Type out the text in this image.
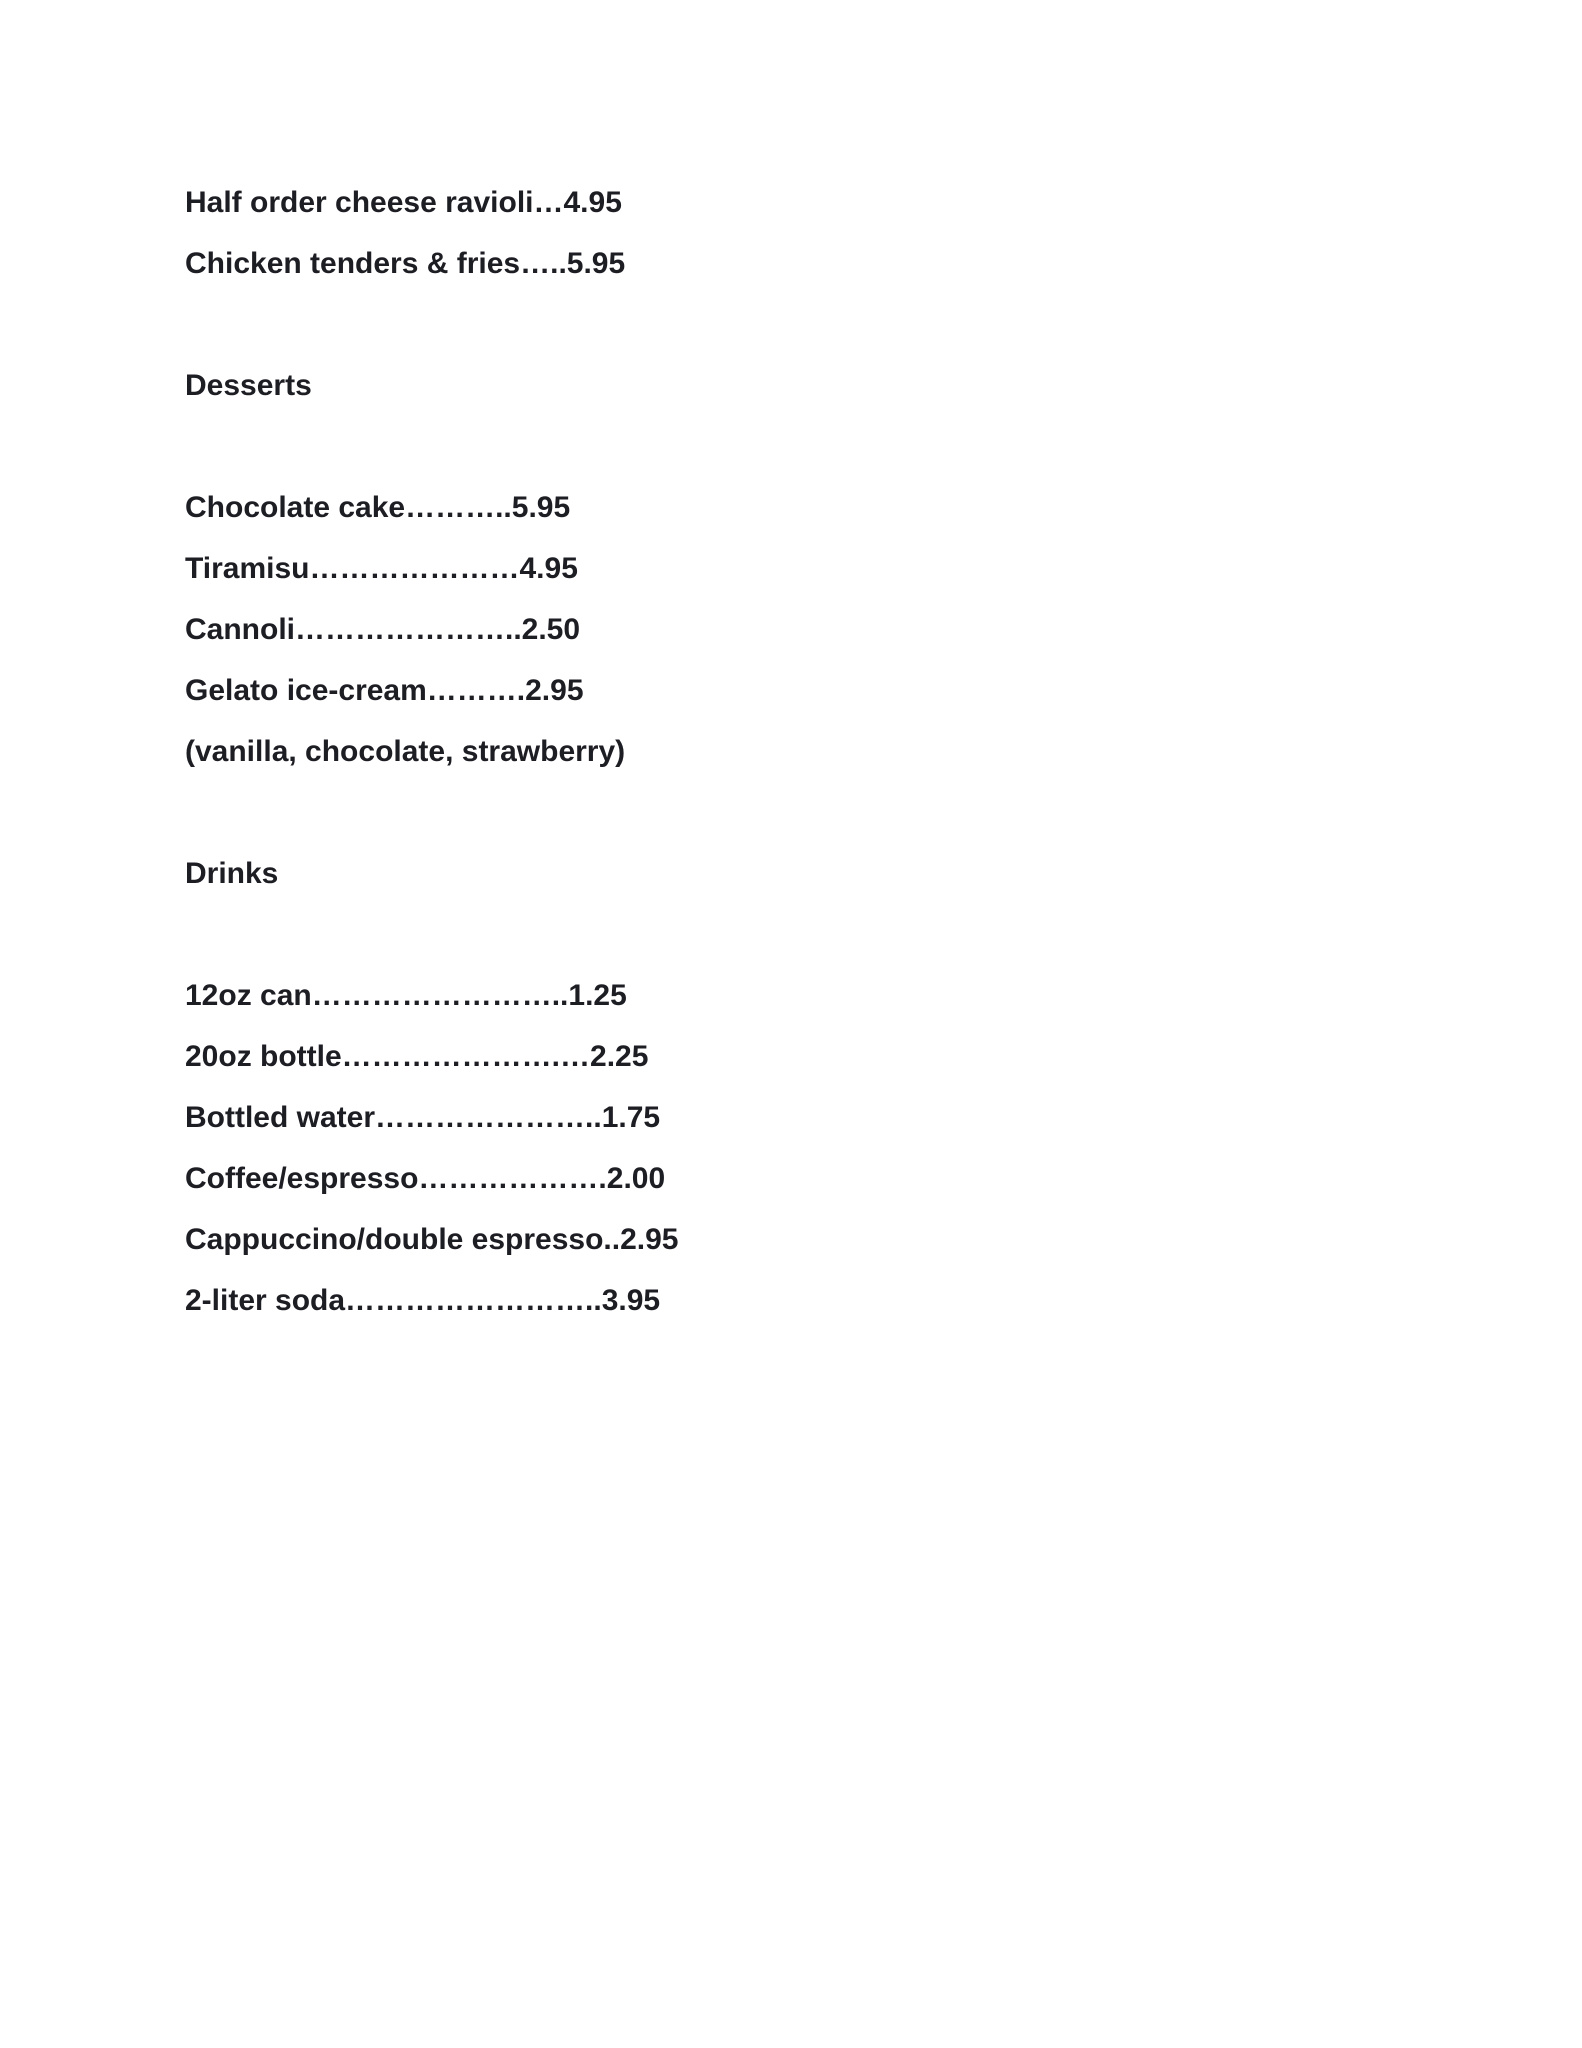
Half order cheese ravioli…4.95
Chicken tenders & fries…..5.95
Desserts
Chocolate cake………..5.95
Tiramisu…………………4.95
Cannoli…………………..2.50
Gelato ice-cream……….2.95
(vanilla, chocolate, strawberry)
Drinks
12oz can……………………..1.25
20oz bottle………………….…2.25
Bottled water…………………..1.75
Coffee/espresso……………….2.00
Cappuccino/double espresso..2.95
2-liter soda……………………..3.95
